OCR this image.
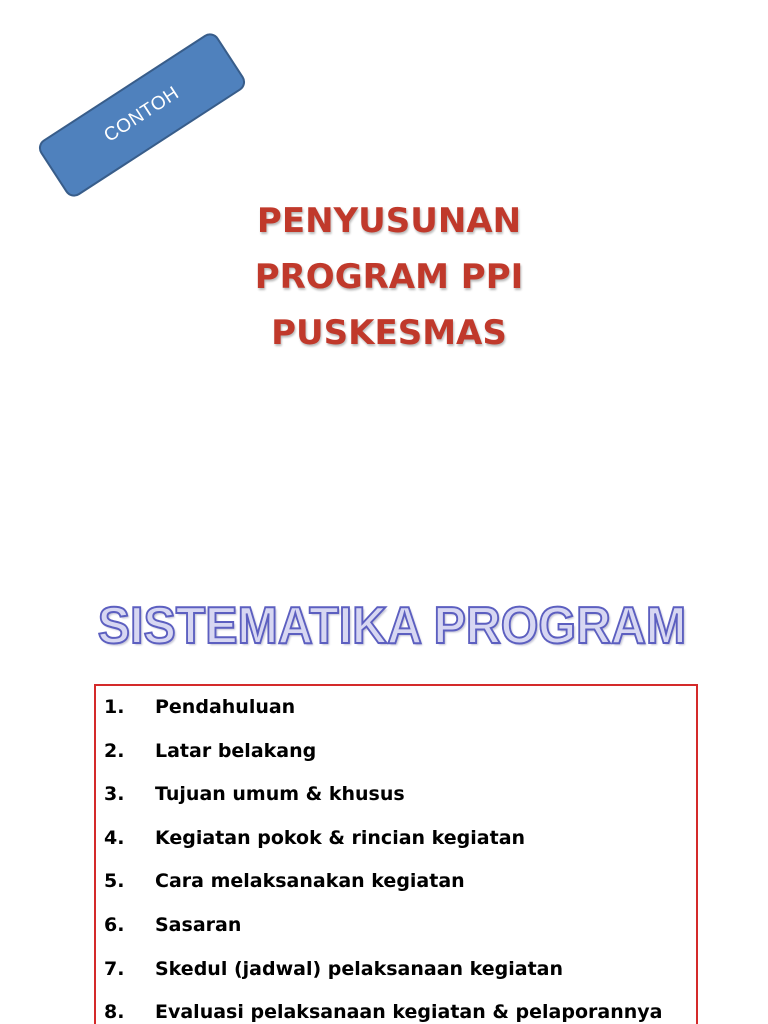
CONTOH
PENYUSUNAN
PROGRAM PPI
PUSKESMAS
SISTEMATIKA PROGRAM
1.	Pendahuluan
2.	Latar belakang
3.	Tujuan umum & khusus
4.	Kegiatan pokok & rincian kegiatan
5.	Cara melaksanakan kegiatan
6.	Sasaran
7.	Skedul (jadwal) pelaksanaan kegiatan
8.	Evaluasi pelaksanaan kegiatan & pelaporannya
